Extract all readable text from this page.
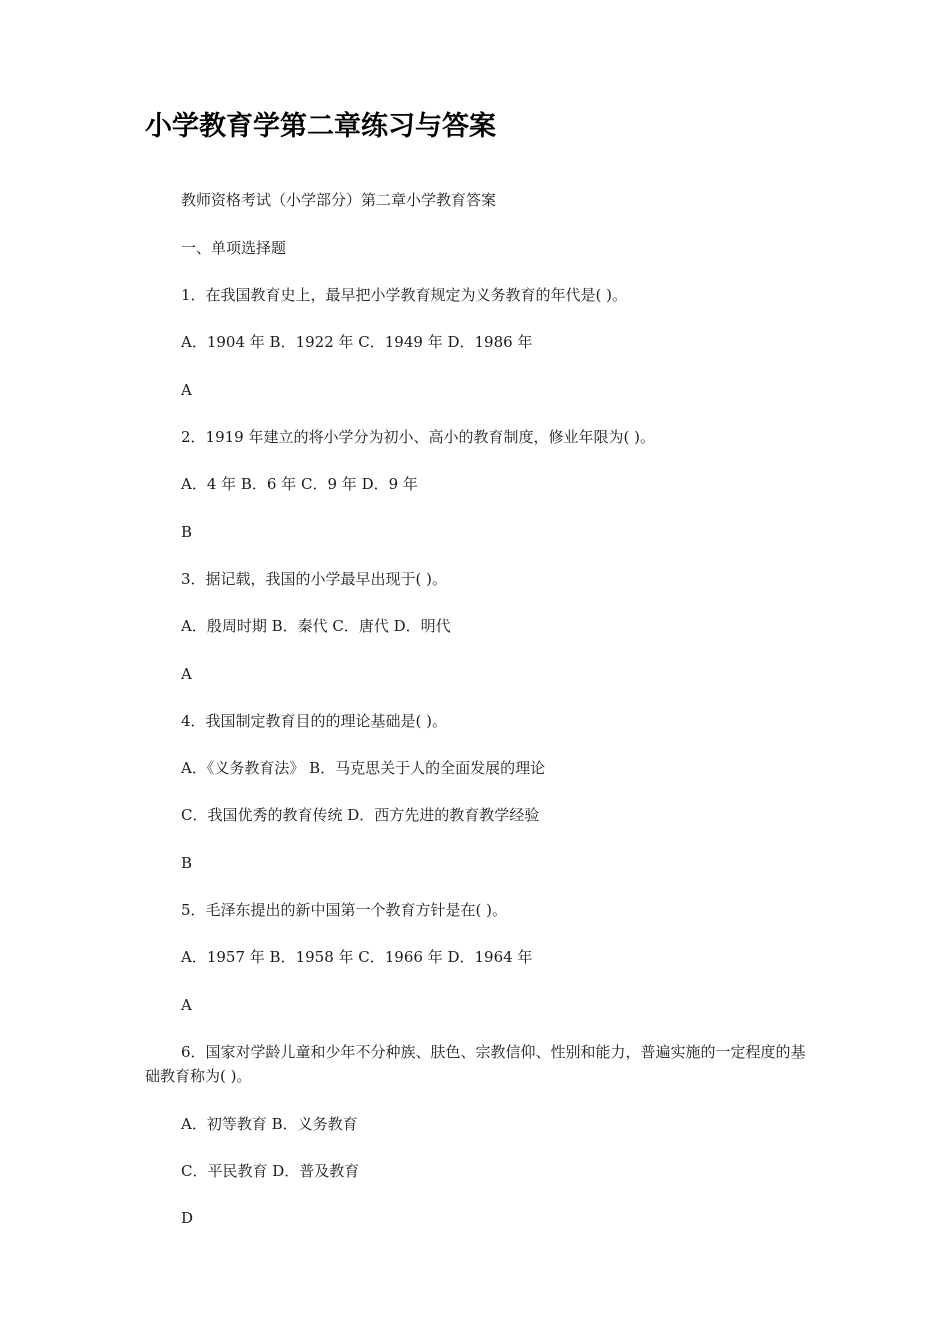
小学教育学第二章练习与答案
教师资格考试（小学部分）第二章小学教育答案
一、单项选择题
1．在我国教育史上，最早把小学教育规定为义务教育的年代是( )。
A．1904 年 B．1922 年 C．1949 年 D．1986 年
A
2．1919 年建立的将小学分为初小、高小的教育制度，修业年限为( )。
A．4 年 B．6 年 C．9 年 D．9 年
B
3．据记载，我国的小学最早出现于( )。
A．殷周时期 B．秦代 C．唐代 D．明代
A
4．我国制定教育目的的理论基础是( )。
A．《义务教育法》 B．马克思关于人的全面发展的理论
C．我国优秀的教育传统 D．西方先进的教育教学经验
B
5．毛泽东提出的新中国第一个教育方针是在( )。
A．1957 年 B．1958 年 C．1966 年 D．1964 年
A
6．国家对学龄儿童和少年不分种族、肤色、宗教信仰、性别和能力，普遍实施的一定程度的基础教育称为( )。
A．初等教育 B．义务教育
C．平民教育 D．普及教育
D
